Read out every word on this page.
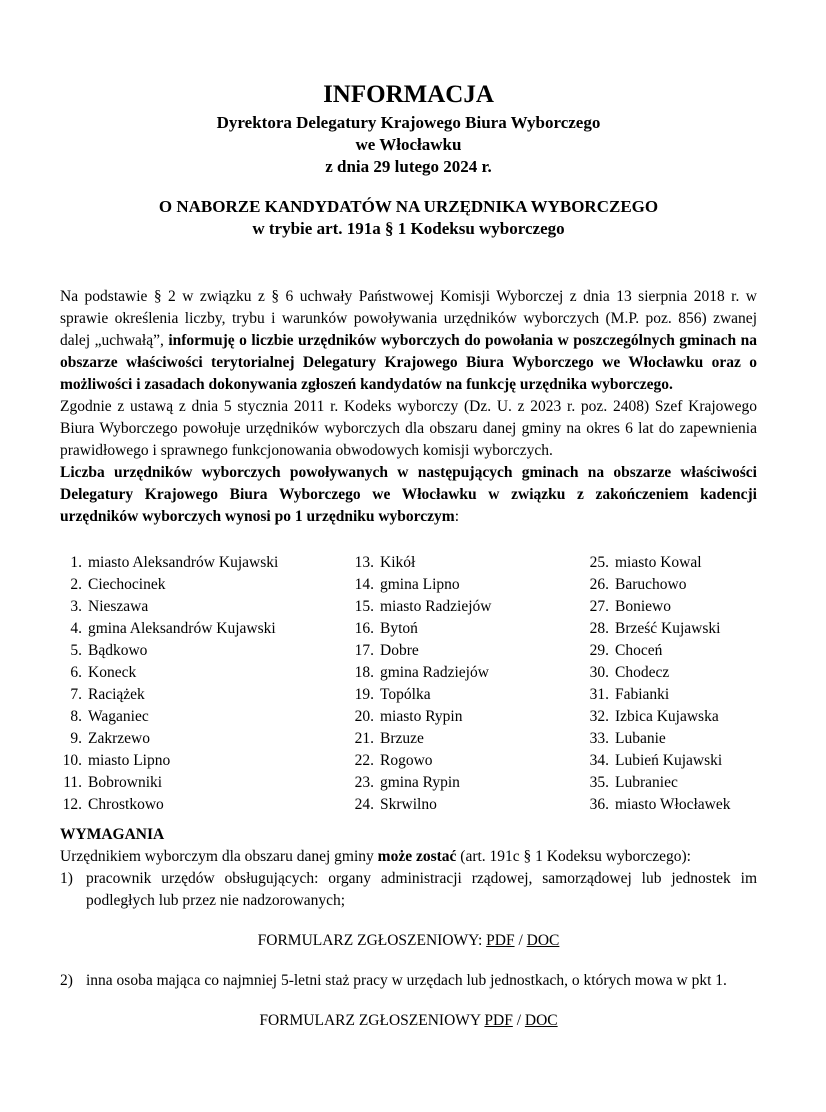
INFORMACJA
Dyrektora Delegatury Krajowego Biura Wyborczego
we Włocławku
z dnia 29 lutego 2024 r.
O NABORZE KANDYDATÓW NA URZĘDNIKA WYBORCZEGO
w trybie art. 191a § 1 Kodeksu wyborczego
Na podstawie § 2 w związku z § 6 uchwały Państwowej Komisji Wyborczej z dnia 13 sierpnia 2018 r. w sprawie określenia liczby, trybu i warunków powoływania urzędników wyborczych (M.P. poz. 856) zwanej dalej „uchwałą”, informuję o liczbie urzędników wyborczych do powołania w poszczególnych gminach na obszarze właściwości terytorialnej Delegatury Krajowego Biura Wyborczego we Włocławku oraz o możliwości i zasadach dokonywania zgłoszeń kandydatów na funkcję urzędnika wyborczego.
Zgodnie z ustawą z dnia 5 stycznia 2011 r. Kodeks wyborczy (Dz. U. z 2023 r. poz. 2408) Szef Krajowego Biura Wyborczego powołuje urzędników wyborczych dla obszaru danej gminy na okres 6 lat do zapewnienia prawidłowego i sprawnego funkcjonowania obwodowych komisji wyborczych.
Liczba urzędników wyborczych powoływanych w następujących gminach na obszarze właściwości Delegatury Krajowego Biura Wyborczego we Włocławku w związku z zakończeniem kadencji urzędników wyborczych wynosi po 1 urzędniku wyborczym:
1. miasto Aleksandrów Kujawski
2. Ciechocinek
3. Nieszawa
4. gmina Aleksandrów Kujawski
5. Bądkowo
6. Koneck
7. Raciążek
8. Waganiec
9. Zakrzewo
10. miasto Lipno
11. Bobrowniki
12. Chrostkowo
13. Kikół
14. gmina Lipno
15. miasto Radziejów
16. Bytoń
17. Dobre
18. gmina Radziejów
19. Topólka
20. miasto Rypin
21. Brzuze
22. Rogowo
23. gmina Rypin
24. Skrwilno
25. miasto Kowal
26. Baruchowo
27. Boniewo
28. Brześć Kujawski
29. Choceń
30. Chodecz
31. Fabianki
32. Izbica Kujawska
33. Lubanie
34. Lubień Kujawski
35. Lubraniec
36. miasto Włocławek
WYMAGANIA
Urzędnikiem wyborczym dla obszaru danej gminy może zostać (art. 191c § 1 Kodeksu wyborczego):
1) pracownik urzędów obsługujących: organy administracji rządowej, samorządowej lub jednostek im podległych lub przez nie nadzorowanych;
FORMULARZ ZGŁOSZENIOWY: PDF / DOC
2) inna osoba mająca co najmniej 5-letni staż pracy w urzędach lub jednostkach, o których mowa w pkt 1.
FORMULARZ ZGŁOSZENIOWY PDF / DOC
